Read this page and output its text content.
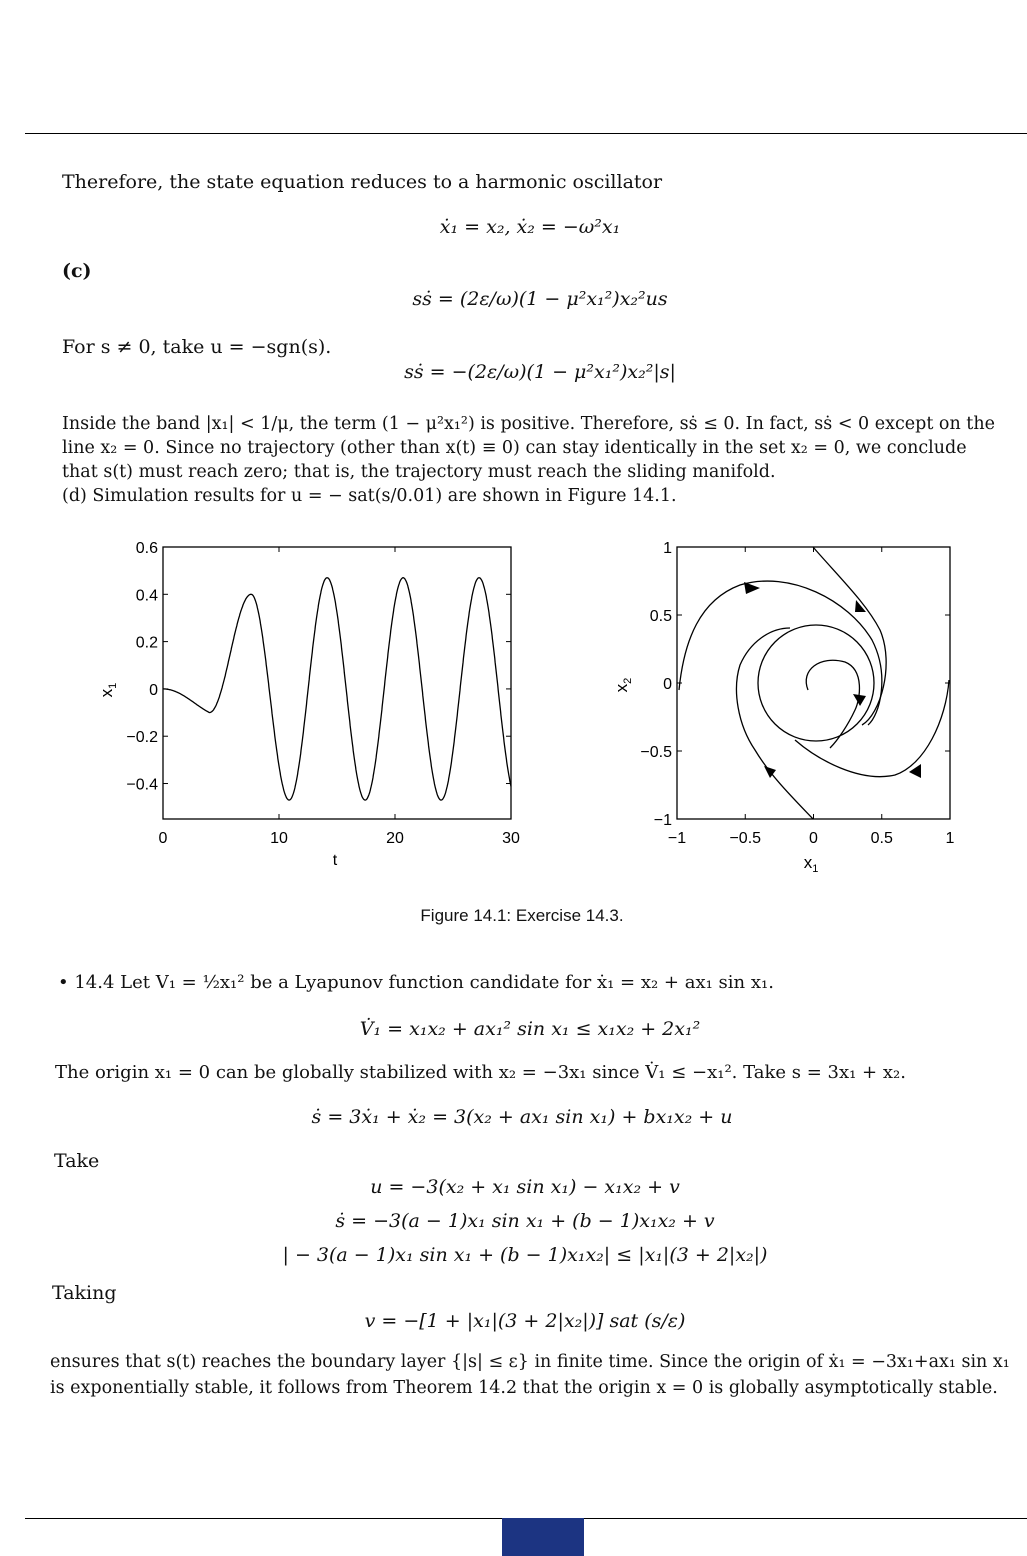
Therefore, the state equation reduces to a harmonic oscillator
ẋ₁ = x₂, ẋ₂ = −ω²x₁
(c)
sṡ = (2ε/ω)(1 − μ²x₁²)x₂²us
For s ≠ 0, take u = −sgn(s).
sṡ = −(2ε/ω)(1 − μ²x₁²)x₂²|s|
Inside the band |x₁| < 1/μ, the term (1 − μ²x₁²) is positive. Therefore, sṡ ≤ 0. In fact, sṡ < 0 except on the
line x₂ = 0. Since no trajectory (other than x(t) ≡ 0) can stay identically in the set x₂ = 0, we conclude
that s(t) must reach zero; that is, the trajectory must reach the sliding manifold.
(d) Simulation results for u = − sat(s/0.01) are shown in Figure 14.1.
$x_1$
t
0	10	20	30
0.6
0.4
0.2
0
−0.2
−0.4
$x_2$
$x_1$
−1	−0.5	0	0.5	1
1
0.5
0
−0.5
−1
Figure 14.1: Exercise 14.3.
• 14.4 Let V₁ = ½x₁² be a Lyapunov function candidate for ẋ₁ = x₂ + ax₁ sin x₁.
V̇₁ = x₁x₂ + ax₁² sin x₁ ≤ x₁x₂ + 2x₁²
The origin x₁ = 0 can be globally stabilized with x₂ = −3x₁ since V̇₁ ≤ −x₁². Take s = 3x₁ + x₂.
ṡ = 3ẋ₁ + ẋ₂ = 3(x₂ + ax₁ sin x₁) + bx₁x₂ + u
Take
u = −3(x₂ + x₁ sin x₁) − x₁x₂ + v
ṡ = −3(a − 1)x₁ sin x₁ + (b − 1)x₁x₂ + v
| − 3(a − 1)x₁ sin x₁ + (b − 1)x₁x₂| ≤ |x₁|(3 + 2|x₂|)
Taking
v = −[1 + |x₁|(3 + 2|x₂|)] sat (s/ε)
ensures that s(t) reaches the boundary layer {|s| ≤ ε} in finite time. Since the origin of ẋ₁ = −3x₁+ax₁ sin x₁
is exponentially stable, it follows from Theorem 14.2 that the origin x = 0 is globally asymptotically stable.
